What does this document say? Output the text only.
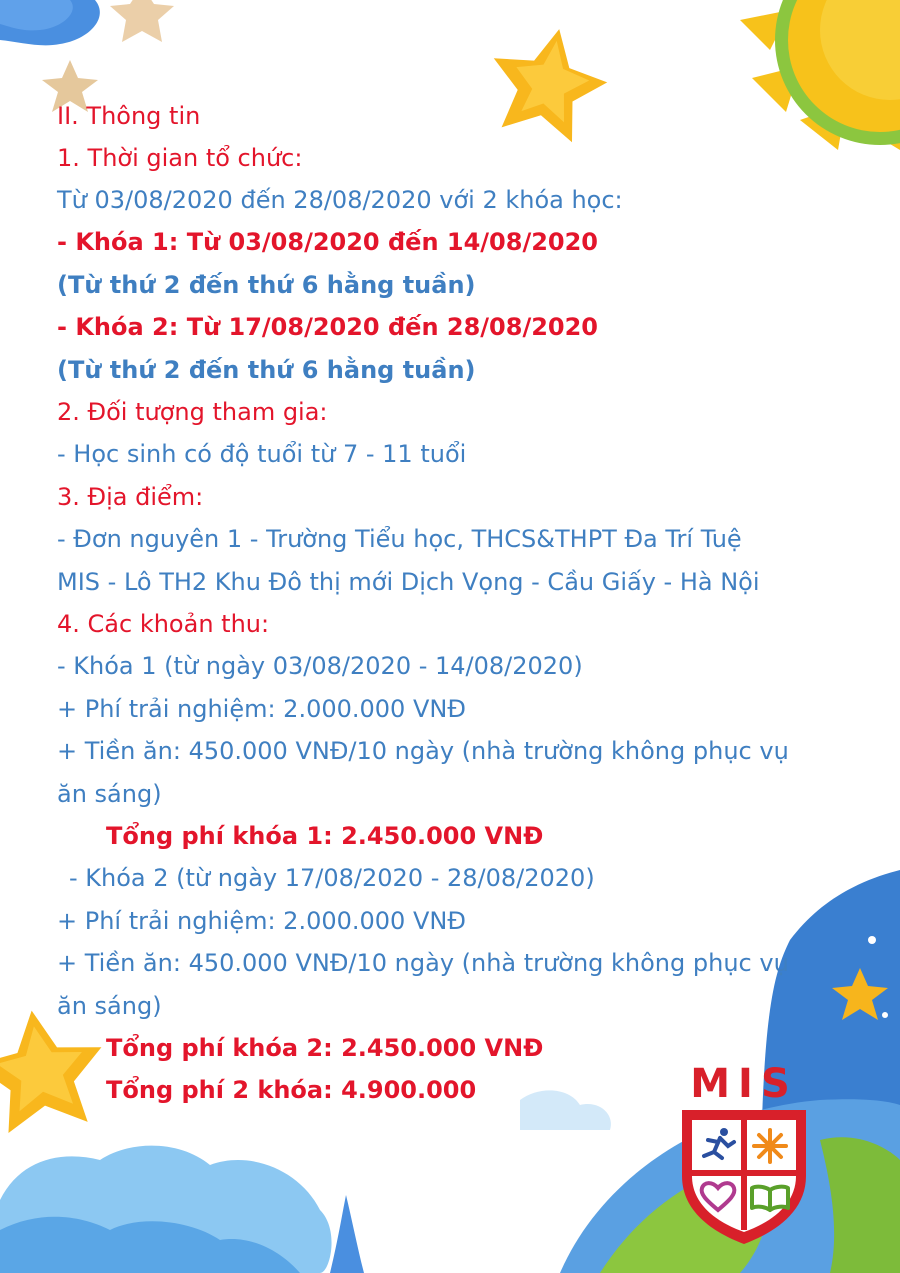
II. Thông tin
1. Thời gian tổ chức:
Từ 03/08/2020 đến 28/08/2020 với 2 khóa học:
- Khóa 1: Từ 03/08/2020 đến 14/08/2020
(Từ thứ 2 đến thứ 6 hằng tuần)
- Khóa 2: Từ 17/08/2020 đến 28/08/2020
(Từ thứ 2 đến thứ 6 hằng tuần)
2. Đối tượng tham gia:
- Học sinh có độ tuổi từ 7 - 11 tuổi
3. Địa điểm:
- Đơn nguyên 1 - Trường Tiểu học, THCS&THPT Đa Trí Tuệ
MIS - Lô TH2 Khu Đô thị mới Dịch Vọng - Cầu Giấy - Hà Nội
4. Các khoản thu:
- Khóa 1 (từ ngày 03/08/2020 - 14/08/2020)
+ Phí trải nghiệm: 2.000.000 VNĐ
+ Tiền ăn: 450.000 VNĐ/10 ngày (nhà trường không phục vụ
ăn sáng)
Tổng phí khóa 1: 2.450.000 VNĐ
- Khóa 2 (từ ngày 17/08/2020 - 28/08/2020)
+ Phí trải nghiệm: 2.000.000 VNĐ
+ Tiền ăn: 450.000 VNĐ/10 ngày (nhà trường không phục vụ
ăn sáng)
Tổng phí khóa 2: 2.450.000 VNĐ
Tổng phí 2 khóa: 4.900.000	MIS
